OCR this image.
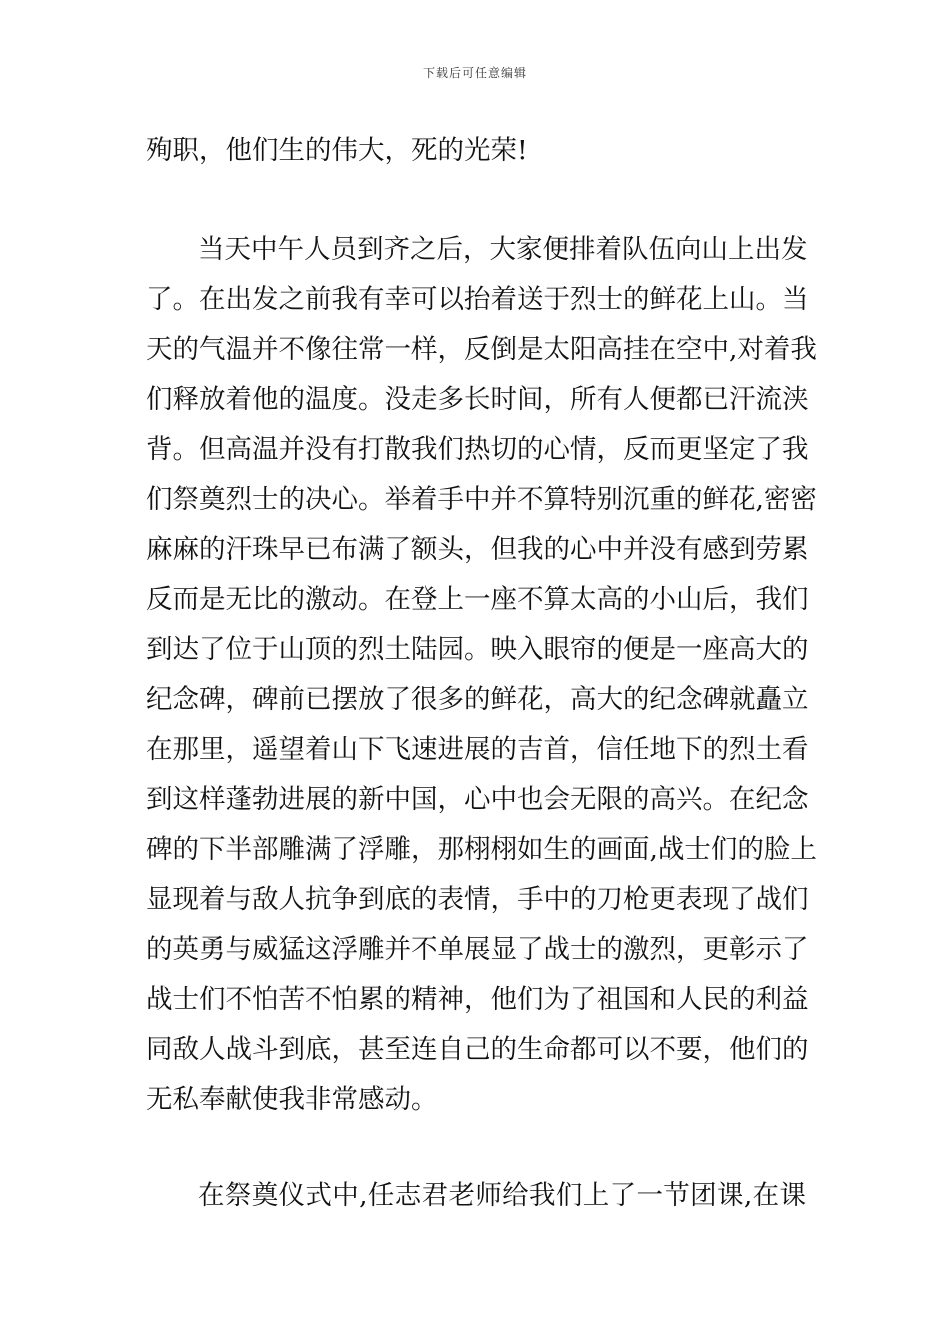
下载后可任意编辑
殉职，他们生的伟大，死的光荣!
当天中午人员到齐之后，大家便排着队伍向山上出发
了。在出发之前我有幸可以抬着送于烈士的鲜花上山。当
天的气温并不像往常一样，反倒是太阳高挂在空中,对着我
们释放着他的温度。没走多长时间，所有人便都已汗流浃
背。但高温并没有打散我们热切的心情，反而更坚定了我
们祭奠烈士的决心。举着手中并不算特别沉重的鲜花,密密
麻麻的汗珠早已布满了额头，但我的心中并没有感到劳累
反而是无比的激动。在登上一座不算太高的小山后，我们
到达了位于山顶的烈土陆园。映入眼帘的便是一座高大的
纪念碑，碑前已摆放了很多的鲜花，高大的纪念碑就矗立
在那里，遥望着山下飞速进展的吉首，信任地下的烈土看
到这样蓬勃进展的新中国，心中也会无限的高兴。在纪念
碑的下半部雕满了浮雕，那栩栩如生的画面,战士们的脸上
显现着与敌人抗争到底的表情，手中的刀枪更表现了战们
的英勇与威猛这浮雕并不单展显了战士的激烈，更彰示了
战士们不怕苦不怕累的精神，他们为了祖国和人民的利益
同敌人战斗到底，甚至连自己的生命都可以不要，他们的
无私奉献使我非常感动。
在祭奠仪式中,任志君老师给我们上了一节团课,在课
